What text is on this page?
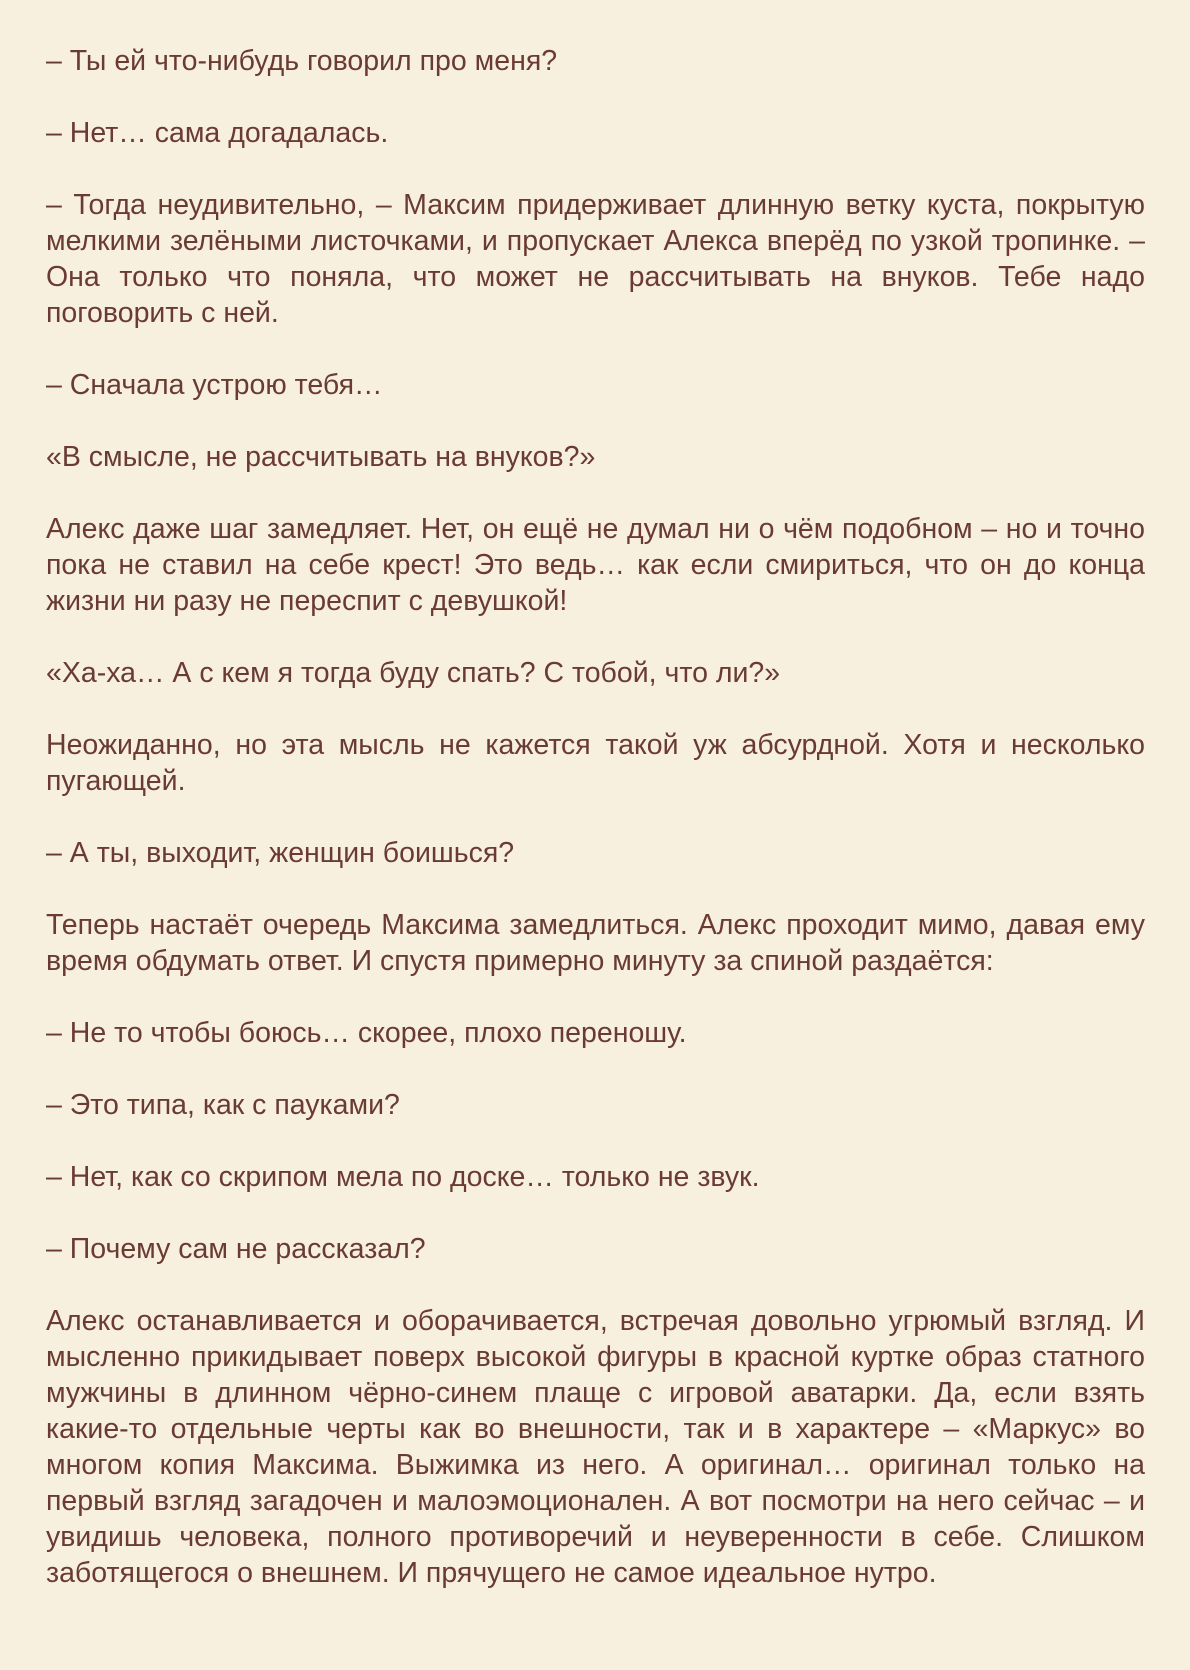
– Ты ей что-нибудь говорил про меня?

– Нет… сама догадалась.

– Тогда неудивительно, – Максим придерживает длинную ветку куста, покрытую мелкими зелёными листочками, и пропускает Алекса вперёд по узкой тропинке. – Она только что поняла, что может не рассчитывать на внуков. Тебе надо поговорить с ней.

– Сначала устрою тебя…

«В смысле, не рассчитывать на внуков?»

Алекс даже шаг замедляет. Нет, он ещё не думал ни о чём подобном – но и точно пока не ставил на себе крест! Это ведь… как если смириться, что он до конца жизни ни разу не переспит с девушкой!

«Ха-ха… А с кем я тогда буду спать? С тобой, что ли?»

Неожиданно, но эта мысль не кажется такой уж абсурдной. Хотя и несколько пугающей.

– А ты, выходит, женщин боишься?

Теперь настаёт очередь Максима замедлиться. Алекс проходит мимо, давая ему время обдумать ответ. И спустя примерно минуту за спиной раздаётся:

– Не то чтобы боюсь… скорее, плохо переношу.

– Это типа, как с пауками?

– Нет, как со скрипом мела по доске… только не звук.

– Почему сам не рассказал?

Алекс останавливается и оборачивается, встречая довольно угрюмый взгляд. И мысленно прикидывает поверх высокой фигуры в красной куртке образ статного мужчины в длинном чёрно-синем плаще с игровой аватарки. Да, если взять какие-то отдельные черты как во внешности, так и в характере – «Маркус» во многом копия Максима. Выжимка из него. А оригинал… оригинал только на первый взгляд загадочен и малоэмоционален. А вот посмотри на него сейчас – и увидишь человека, полного противоречий и неуверенности в себе. Слишком заботящегося о внешнем. И прячущего не самое идеальное нутро.
